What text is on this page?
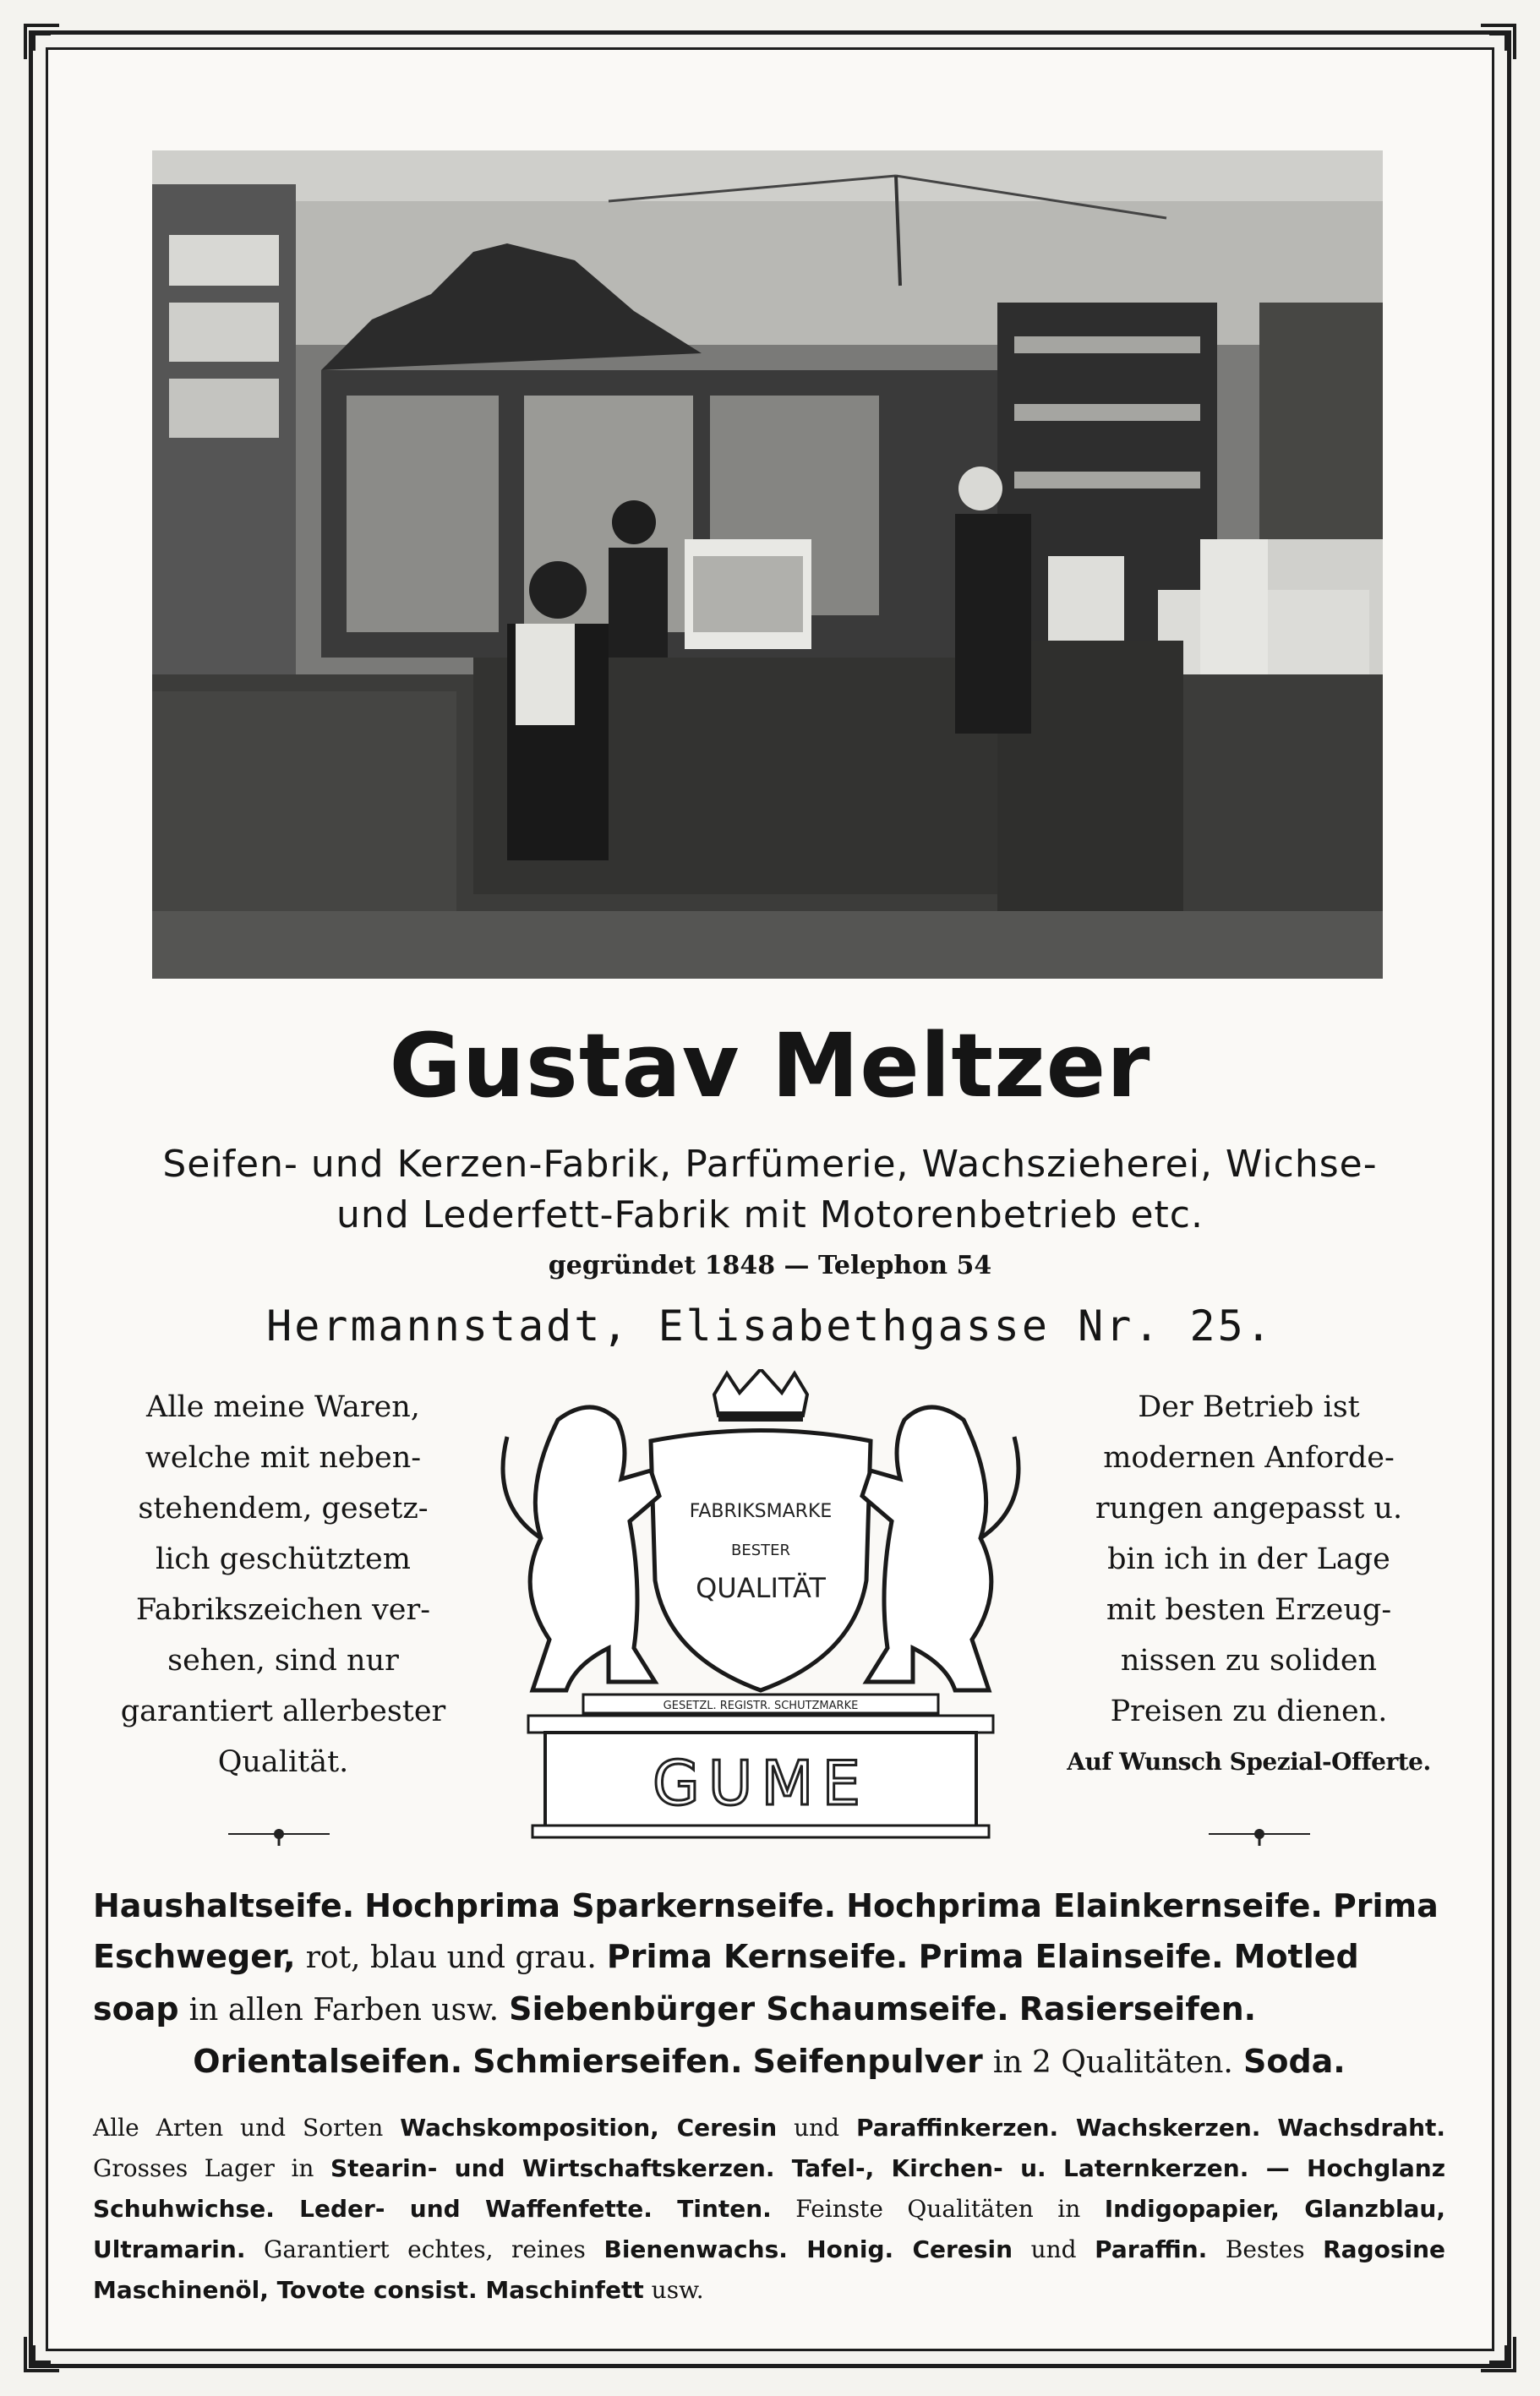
Gustav Meltzer
Seifen- und Kerzen-Fabrik, Parfümerie, Wachszieherei, Wichse-
und Lederfett-Fabrik mit Motorenbetrieb etc.
gegründet 1848 — Telephon 54
Hermannstadt, Elisabethgasse Nr. 25.
Alle meine Waren,
welche mit neben-
stehendem, gesetz-
lich geschütztem
Fabrikszeichen ver-
sehen, sind nur
garantiert allerbester
Qualität.
Der Betrieb ist
modernen Anforde-
rungen angepasst u.
bin ich in der Lage
mit besten Erzeug-
nissen zu soliden
Preisen zu dienen.
Auf Wunsch Spezial-Offerte.
FABRIKSMARKE
BESTER
QUALITÄT
GESETZL. REGISTR. SCHUTZMARKE
GUME
Haushaltseife. Hochprima Sparkernseife. Hochprima Elainkernseife. Prima
Eschweger, rot, blau und grau. Prima Kernseife. Prima Elainseife. Motled
soap in allen Farben usw. Siebenbürger Schaumseife. Rasierseifen.
Orientalseifen. Schmierseifen. Seifenpulver in 2 Qualitäten. Soda.
Alle Arten und Sorten Wachskomposition, Ceresin und Paraffinkerzen. Wachskerzen. Wachsdraht. Grosses Lager in Stearin- und Wirtschaftskerzen. Tafel-, Kirchen- u. Laternkerzen. — Hochglanz Schuhwichse. Leder- und Waffenfette. Tinten. Feinste Qualitäten in Indigopapier, Glanzblau, Ultramarin. Garantiert echtes, reines Bienenwachs. Honig. Ceresin und Paraffin. Bestes Ragosine Maschinenöl, Tovote consist. Maschinfett usw.
